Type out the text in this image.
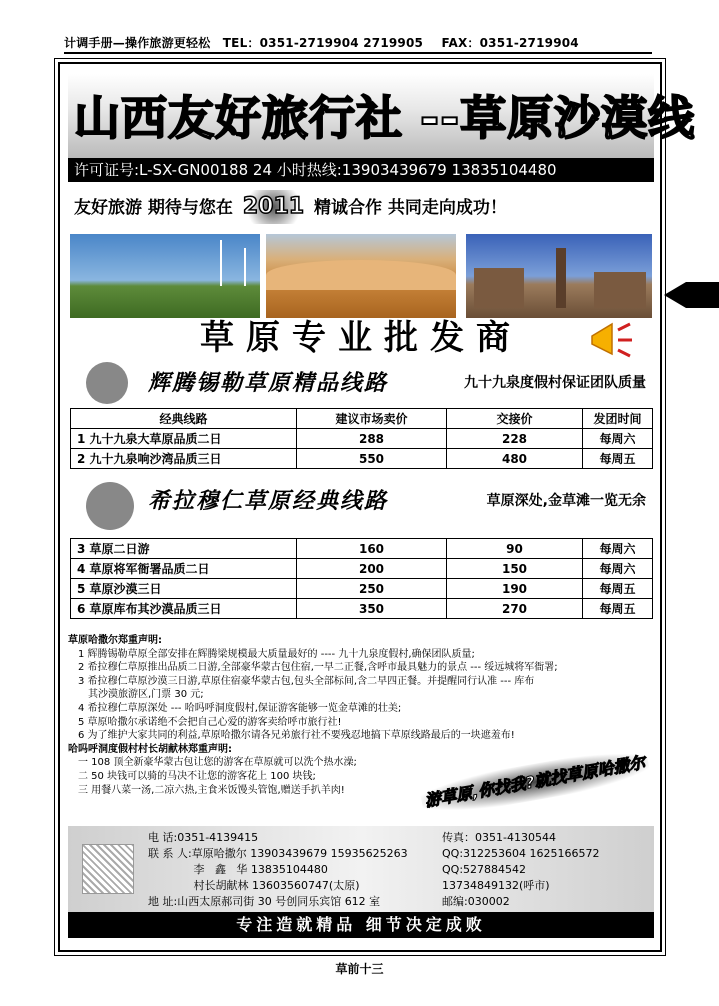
计调手册—操作旅游更轻松 TEL：0351-2719904 2719905 FAX：0351-2719904
山西友好旅行社 --草原沙漠线
许可证号:L-SX-GN00188 24 小时热线:13903439679 13835104480
友好旅游 期待与您在 2011 精诚合作 共同走向成功！
草原专业批发商
辉腾锡勒草原精品线路	九十九泉度假村保证团队质量
经典线路	建议市场卖价	交接价	发团时间
1 九十九泉大草原品质二日	288	228	每周六
2 九十九泉响沙湾品质三日	550	480	每周五
希拉穆仁草原经典线路	草原深处,金草滩一览无余
3 草原二日游	160	90	每周六
4 草原将军衙署品质二日	200	150	每周六
5 草原沙漠三日	250	190	每周五
6 草原库布其沙漠品质三日	350	270	每周五
草原哈撒尔郑重声明:
1 辉腾锡勒草原全部安排在辉腾梁规模最大质量最好的 ---- 九十九泉度假村,确保团队质量;
2 希拉穆仁草原推出品质二日游,全部豪华蒙古包住宿,一早二正餐,含呼市最具魅力的景点 --- 绥远城将军衙署;
3 希拉穆仁草原沙漠三日游,草原住宿豪华蒙古包,包头全部标间,含二早四正餐。并提醒同行认准 --- 库布
其沙漠旅游区,门票 30 元;
4 希拉穆仁草原深处 --- 哈吗呼洞度假村,保证游客能够一览金草滩的壮美;
5 草原哈撒尔承诺绝不会把自己心爱的游客卖给呼市旅行社!
6 为了维护大家共同的利益,草原哈撒尔请各兄弟旅行社不要残忍地搞下草原线路最后的一块遮羞布!
哈吗呼洞度假村村长胡献林郑重声明:
一 108 顶全新豪华蒙古包让您的游客在草原就可以洗个热水澡;
二 50 块钱可以骑的马决不让您的游客花上 100 块钱;
三 用餐八菜一汤,二凉六热,主食米饭馒头管饱,赠送手扒羊肉!	游草原,你找我?就找草原哈撒尔
电 话:0351-4139415	传真：0351-4130544
联 系 人:草原哈撒尔 13903439679 15935625263	QQ:312253604 1625166572
李   鑫   华 13835104480	QQ:527884542
村长胡献林 13603560747(太原)	13734849132(呼市)
地 址:山西太原郝司街 30 号创同乐宾馆 612 室	邮编:030002
专注造就精品 细节决定成败
草前十三
